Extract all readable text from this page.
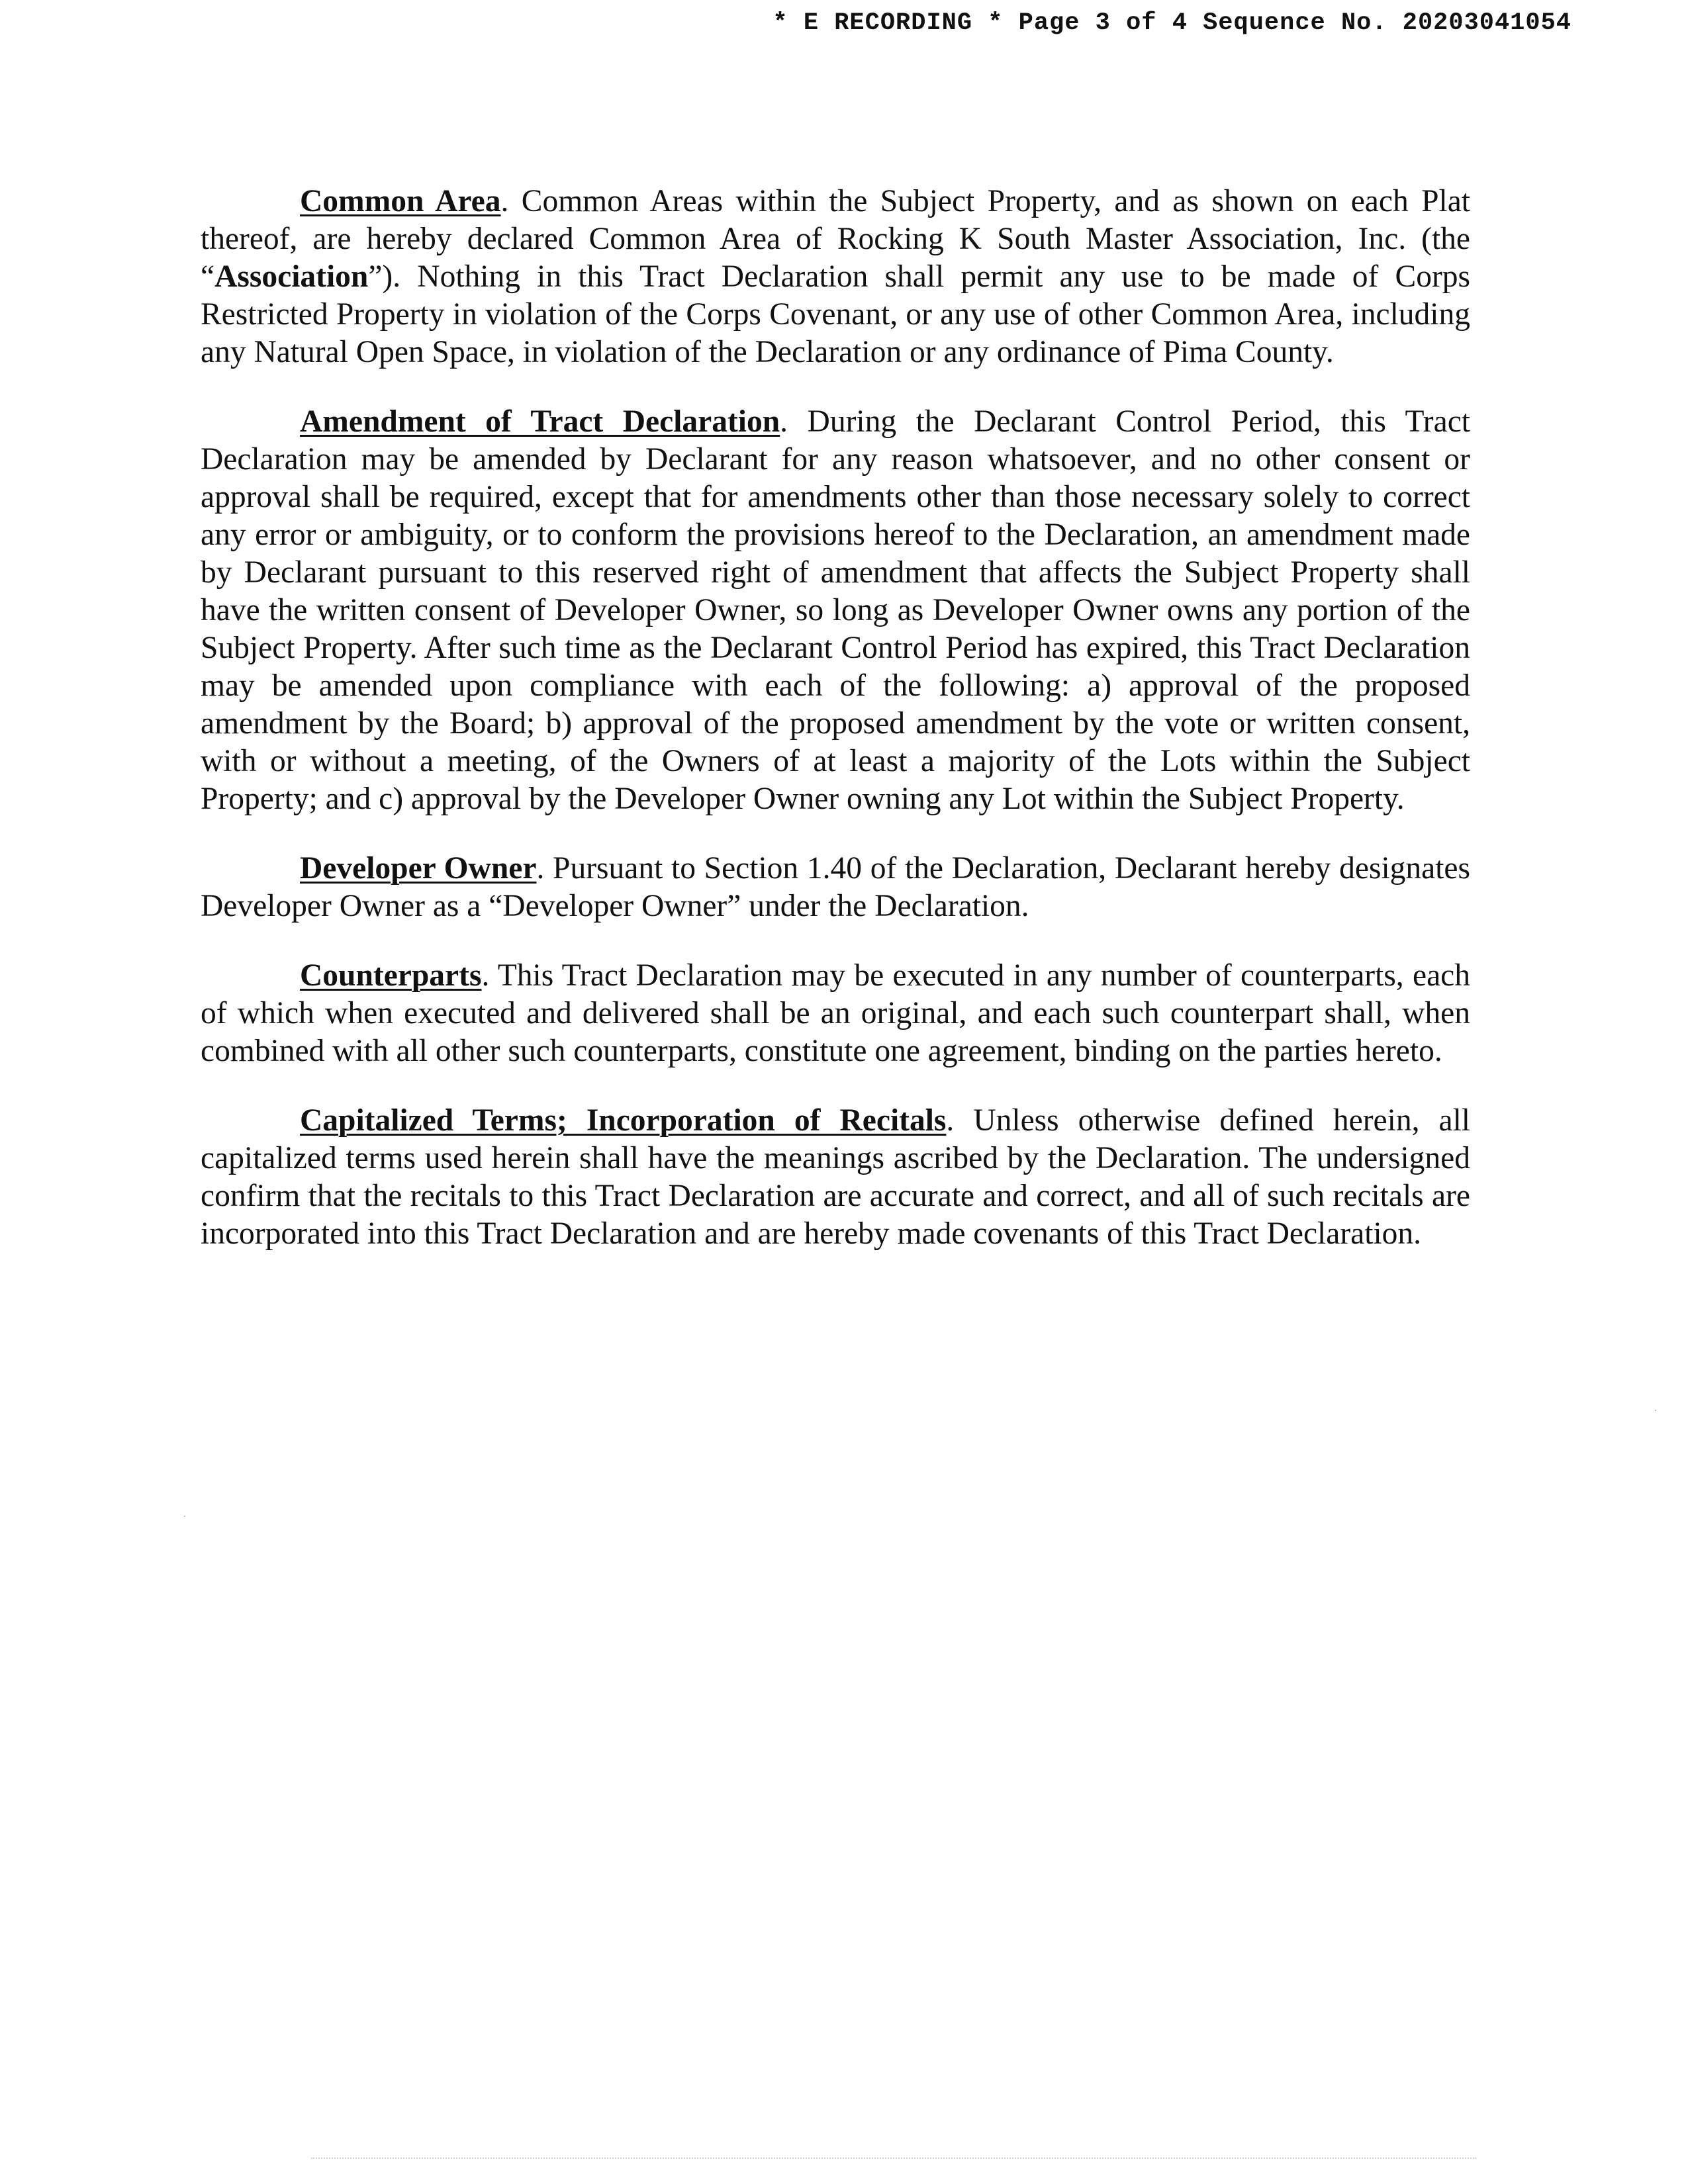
* E RECORDING * Page 3 of 4 Sequence No. 20203041054

Common Area. Common Areas within the Subject Property, and as shown on each Plat thereof, are hereby declared Common Area of Rocking K South Master Association, Inc. (the “Association”). Nothing in this Tract Declaration shall permit any use to be made of Corps Restricted Property in violation of the Corps Covenant, or any use of other Common Area, including any Natural Open Space, in violation of the Declaration or any ordinance of Pima County.

Amendment of Tract Declaration. During the Declarant Control Period, this Tract Declaration may be amended by Declarant for any reason whatsoever, and no other consent or approval shall be required, except that for amendments other than those necessary solely to correct any error or ambiguity, or to conform the provisions hereof to the Declaration, an amendment made by Declarant pursuant to this reserved right of amendment that affects the Subject Property shall have the written consent of Developer Owner, so long as Developer Owner owns any portion of the Subject Property. After such time as the Declarant Control Period has expired, this Tract Declaration may be amended upon compliance with each of the following: a) approval of the proposed amendment by the Board; b) approval of the proposed amendment by the vote or written consent, with or without a meeting, of the Owners of at least a majority of the Lots within the Subject Property; and c) approval by the Developer Owner owning any Lot within the Subject Property.

Developer Owner. Pursuant to Section 1.40 of the Declaration, Declarant hereby designates Developer Owner as a “Developer Owner” under the Declaration.

Counterparts. This Tract Declaration may be executed in any number of counterparts, each of which when executed and delivered shall be an original, and each such counterpart shall, when combined with all other such counterparts, constitute one agreement, binding on the parties hereto.

Capitalized Terms; Incorporation of Recitals. Unless otherwise defined herein, all capitalized terms used herein shall have the meanings ascribed by the Declaration. The undersigned confirm that the recitals to this Tract Declaration are accurate and correct, and all of such recitals are incorporated into this Tract Declaration and are hereby made covenants of this Tract Declaration.
